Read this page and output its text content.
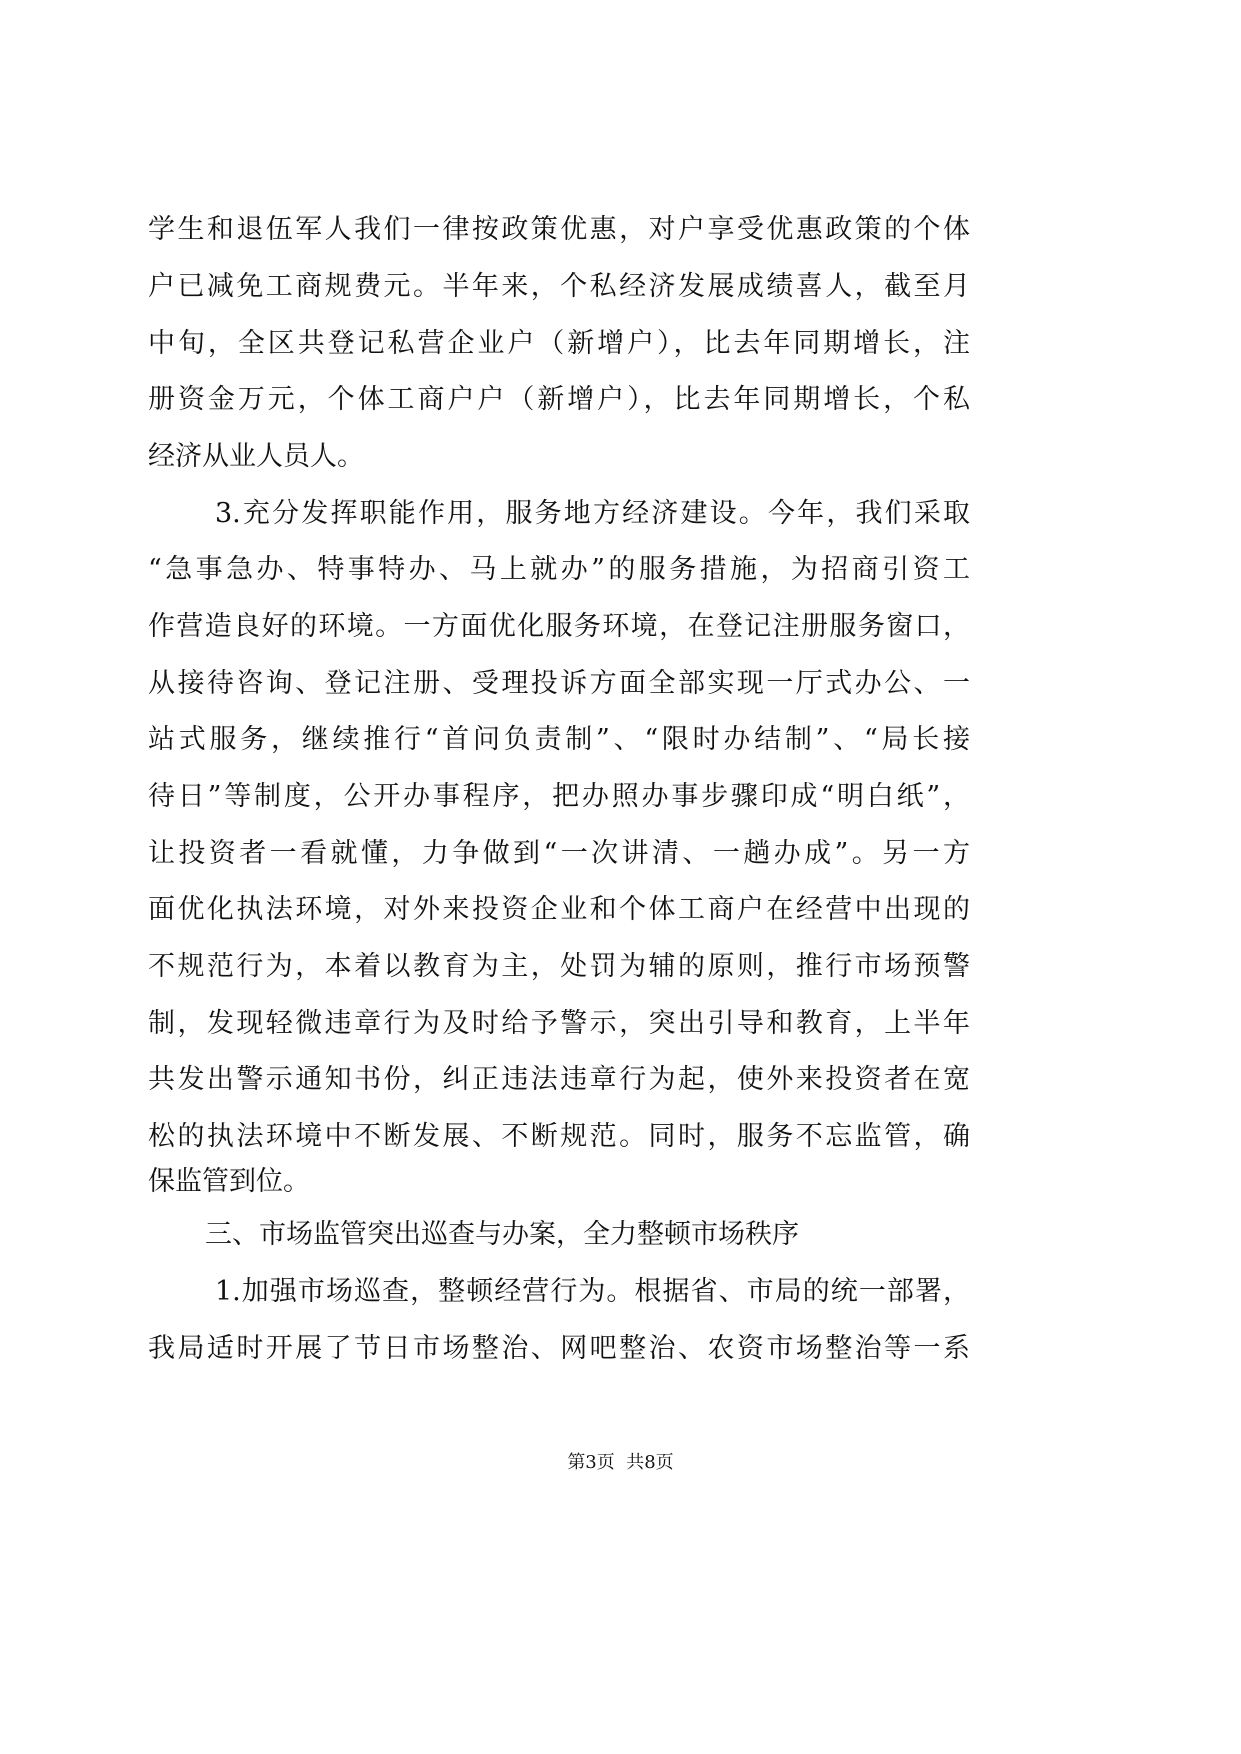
学生和退伍军人我们一律按政策优惠，对户享受优惠政策的个体
户已减免工商规费元。半年来，个私经济发展成绩喜人，截至月
中旬，全区共登记私营企业户（新增户），比去年同期增长，注
册资金万元，个体工商户户（新增户），比去年同期增长，个私
经济从业人员人。
3.充分发挥职能作用，服务地方经济建设。今年，我们采取
“急事急办、特事特办、马上就办”的服务措施，为招商引资工
作营造良好的环境。一方面优化服务环境，在登记注册服务窗口，
从接待咨询、登记注册、受理投诉方面全部实现一厅式办公、一
站式服务，继续推行“首问负责制”、“限时办结制”、“局长接
待日”等制度，公开办事程序，把办照办事步骤印成“明白纸”，
让投资者一看就懂，力争做到“一次讲清、一趟办成”。另一方
面优化执法环境，对外来投资企业和个体工商户在经营中出现的
不规范行为，本着以教育为主，处罚为辅的原则，推行市场预警
制，发现轻微违章行为及时给予警示，突出引导和教育，上半年
共发出警示通知书份，纠正违法违章行为起，使外来投资者在宽
松的执法环境中不断发展、不断规范。同时，服务不忘监管，确
保监管到位。
三、市场监管突出巡查与办案，全力整顿市场秩序
1.加强市场巡查，整顿经营行为。根据省、市局的统一部署，
我局适时开展了节日市场整治、网吧整治、农资市场整治等一系
第3页  共8页
